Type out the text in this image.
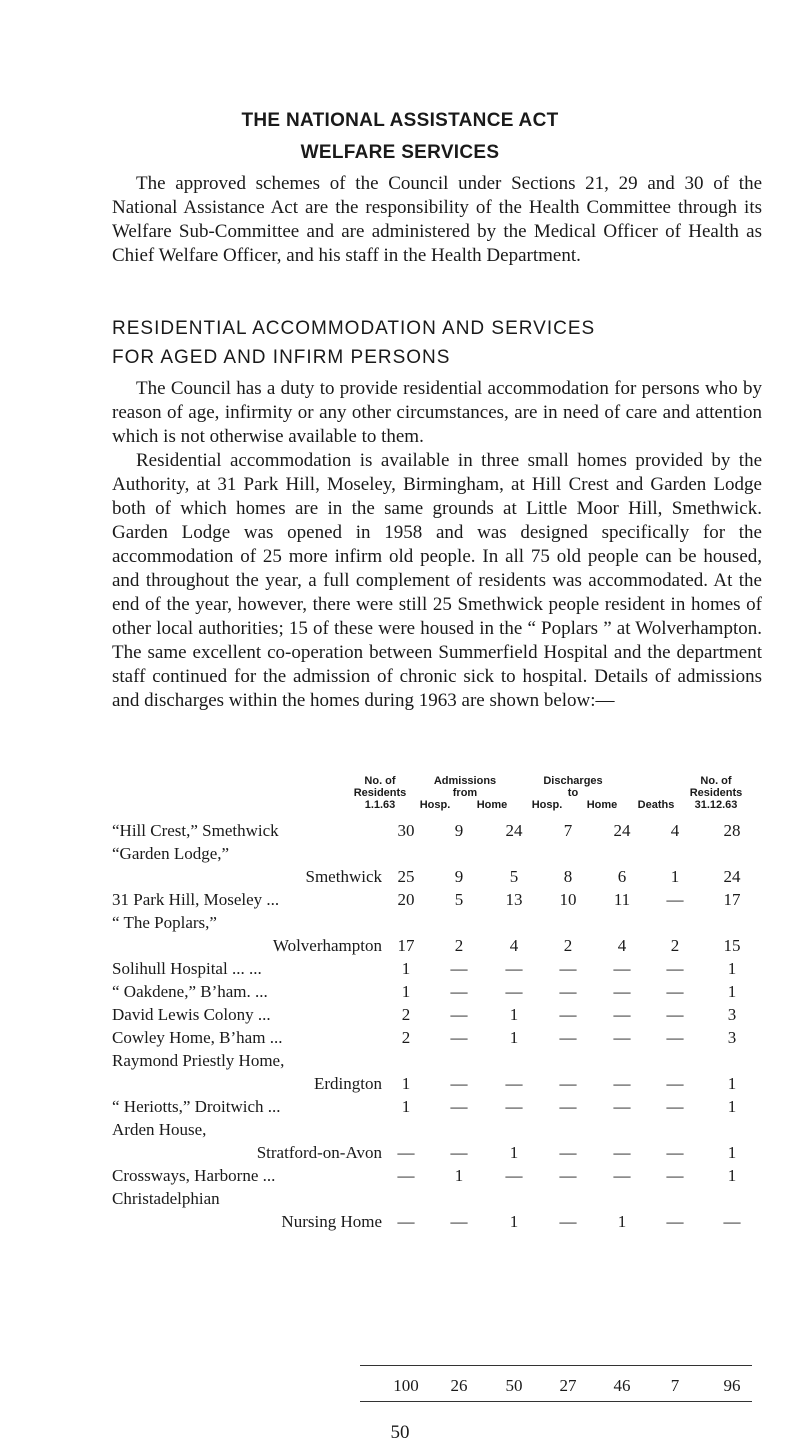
THE NATIONAL ASSISTANCE ACT
WELFARE SERVICES

The approved schemes of the Council under Sections 21, 29 and 30 of the National Assistance Act are the responsibility of the Health Committee through its Welfare Sub-Committee and are administered by the Medical Officer of Health as Chief Welfare Officer, and his staff in the Health Department.

RESIDENTIAL ACCOMMODATION AND SERVICES
FOR AGED AND INFIRM PERSONS

The Council has a duty to provide residential accommodation for persons who by reason of age, infirmity or any other circumstances, are in need of care and attention which is not otherwise available to them.

Residential accommodation is available in three small homes provided by the Authority, at 31 Park Hill, Moseley, Birmingham, at Hill Crest and Garden Lodge both of which homes are in the same grounds at Little Moor Hill, Smethwick. Garden Lodge was opened in 1958 and was designed specifically for the accommodation of 25 more infirm old people. In all 75 old people can be housed, and throughout the year, a full complement of residents was accommodated. At the end of the year, however, there were still 25 Smethwick people resident in homes of other local authorities; 15 of these were housed in the “ Poplars ” at Wolverhampton. The same excellent co-operation between Summerfield Hospital and the department staff continued for the admission of chronic sick to hospital. Details of admissions and discharges within the homes during 1963 are shown below:—

No. of
Residents
1.1.63
Admissions
from
Hosp.	Home
Discharges
to
Hosp.	Home	Deaths
No. of
Residents
31.12.63
“Hill Crest,” Smethwick	30	9	24	7	24	4	28
“Garden Lodge,”							

Smethwick	25	9	5	8	6	1	24
31 Park Hill, Moseley ...	20	5	13	10	11	—	17
“ The Poplars,”							

Wolverhampton	17	2	4	2	4	2	15
Solihull Hospital ... ...	1	—	—	—	—	—	1
“ Oakdene,” B’ham. ...	1	—	—	—	—	—	1
David Lewis Colony ...	2	—	1	—	—	—	3
Cowley Home, B’ham ...	2	—	1	—	—	—	3
Raymond Priestly Home,							

Erdington	1	—	—	—	—	—	1
“ Heriotts,” Droitwich ...	1	—	—	—	—	—	1
Arden House,							

Stratford-on-Avon	—	—	1	—	—	—	1
Crossways, Harborne ...	—	1	—	—	—	—	1
Christadelphian							

Nursing Home	—	—	1	—	1	—	—
100	26	50	27	46	7	96
50
